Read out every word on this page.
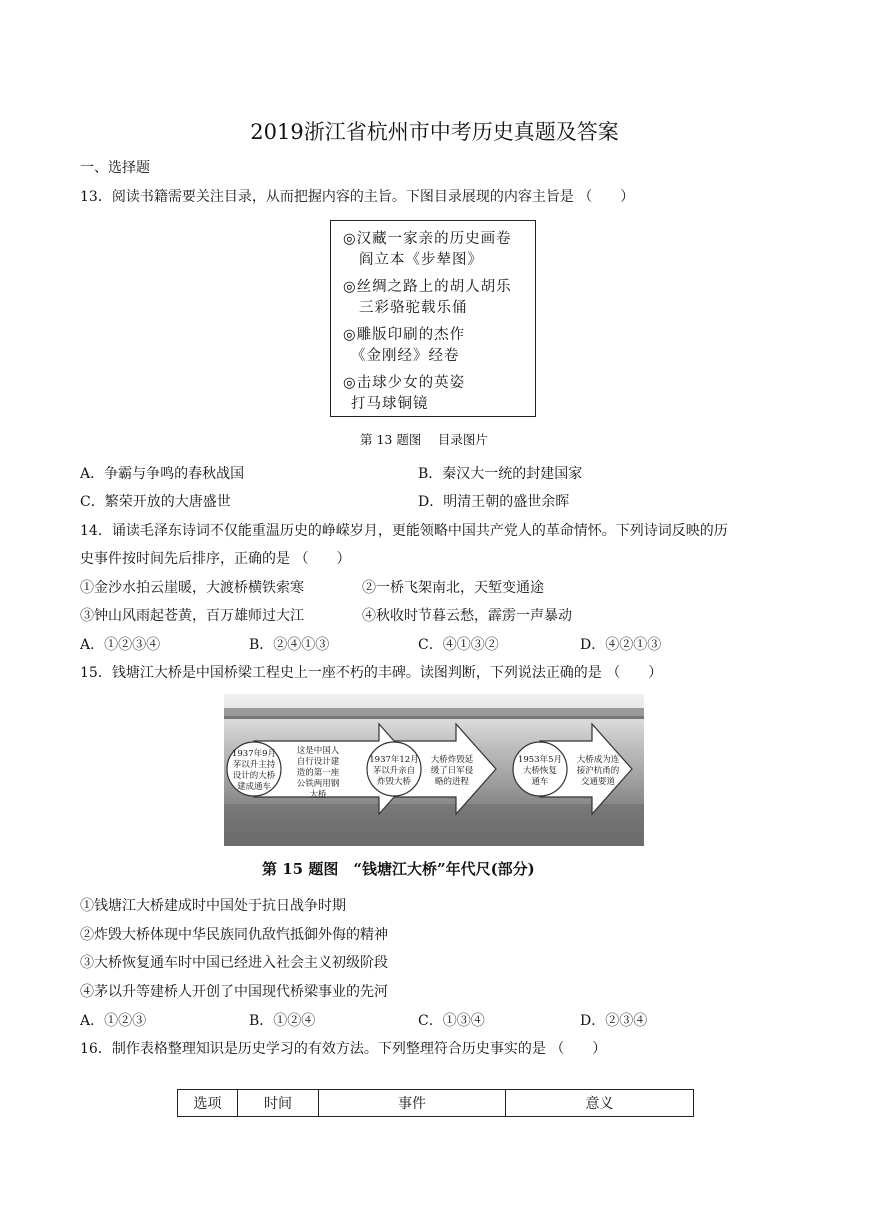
2019浙江省杭州市中考历史真题及答案
一、选择题
13．阅读书籍需要关注目录，从而把握内容的主旨。下图目录展现的内容主旨是 （　　）
◎汉藏一家亲的历史画卷
阎立本《步辇图》
◎丝绸之路上的胡人胡乐
三彩骆驼载乐俑
◎雕版印刷的杰作
《金刚经》经卷
◎击球少女的英姿
打马球铜镜
第 13 题图　 目录图片
A．争霸与争鸣的春秋战国	B．秦汉大一统的封建国家
C．繁荣开放的大唐盛世	D．明清王朝的盛世余晖
14．诵读毛泽东诗词不仅能重温历史的峥嵘岁月，更能领略中国共产党人的革命情怀。下列诗词反映的历
史事件按时间先后排序，正确的是 （　　）
①金沙水拍云崖暖，大渡桥横铁索寒	②一桥飞架南北，天堑变通途
③钟山风雨起苍黄，百万雄师过大江	④秋收时节暮云愁，霹雳一声暴动
A．①②③④	B．②④①③	C．④①③②	D．④②①③
15．钱塘江大桥是中国桥梁工程史上一座不朽的丰碑。读图判断，下列说法正确的是 （　　）
1937年9月
茅以升主持
设计的大桥
建成通车
这是中国人
自行设计建
造的第一座
公铁两用钢
大桥
1937年12月
茅以升亲自
炸毁大桥
大桥炸毁延
缓了日军侵
略的进程
1953年5月
大桥恢复
通车
大桥成为连
接沪杭甬的
交通要道
第 15 题图　“钱塘江大桥”年代尺(部分)
①钱塘江大桥建成时中国处于抗日战争时期
②炸毁大桥体现中华民族同仇敌忾抵御外侮的精神
③大桥恢复通车时中国已经进入社会主义初级阶段
④茅以升等建桥人开创了中国现代桥梁事业的先河
A．①②③	B．①②④	C．①③④	D．②③④
16．制作表格整理知识是历史学习的有效方法。下列整理符合历史事实的是 （　　）
选项	时间	事件	意义
